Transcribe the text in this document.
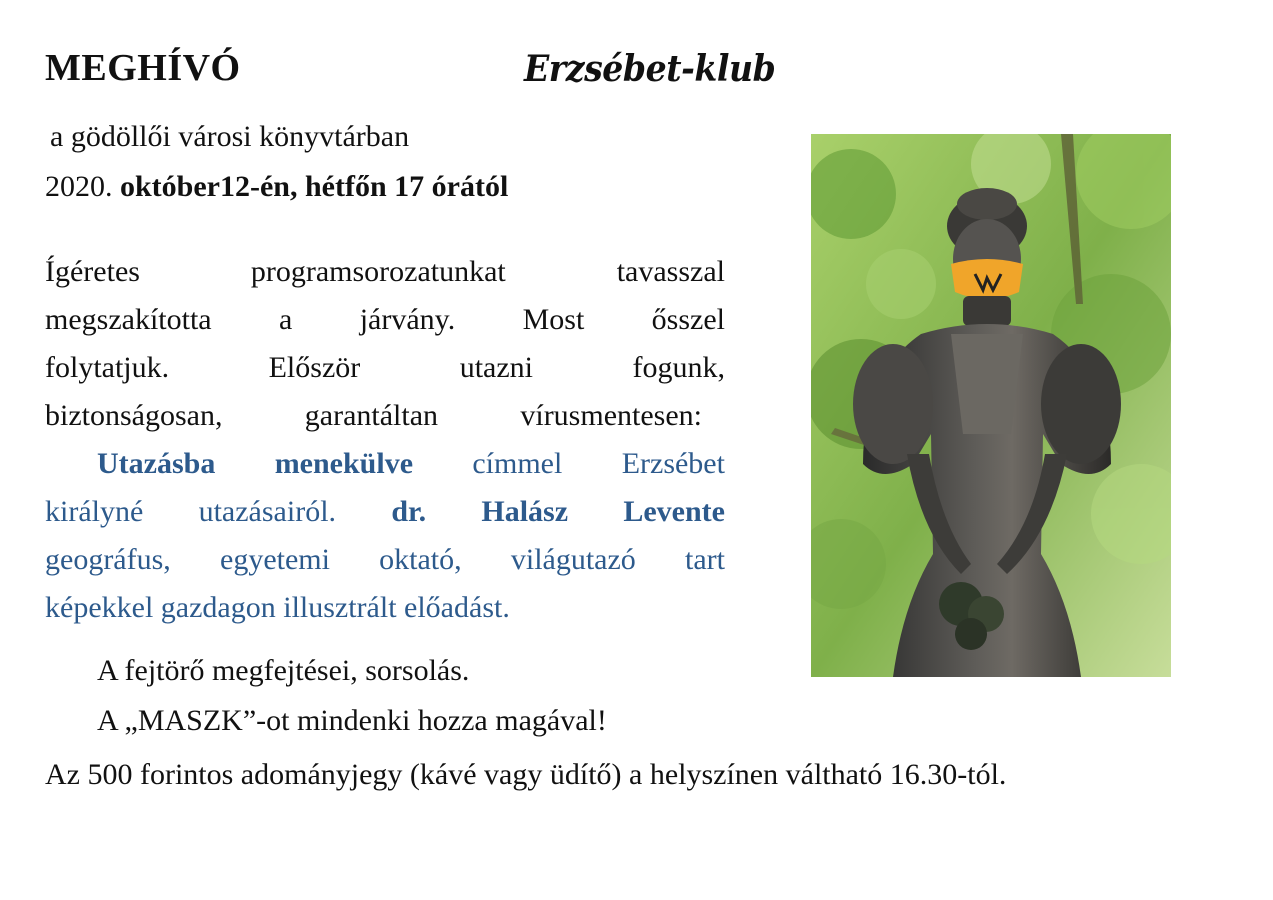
MEGHÍVÓ	Erzsébet-klub
a gödöllői városi könyvtárban
2020. október12-én, hétfőn 17 órától
Ígéretes	programsorozatunkat	tavasszal
megszakította a járvány. Most ősszel
folytatjuk.	Először	utazni	fogunk,
biztonságosan,	garantáltan	vírusmentesen:
Utazásba menekülve címmel Erzsébet
királyné utazásairól. dr. Halász Levente
geográfus, egyetemi oktató, világutazó tart
képekkel gazdagon illusztrált előadást.
A fejtörő megfejtései, sorsolás.
A „MASZK”-ot mindenki hozza magával!
Az 500 forintos adományjegy (kávé vagy üdítő) a helyszínen váltható 16.30-tól.
